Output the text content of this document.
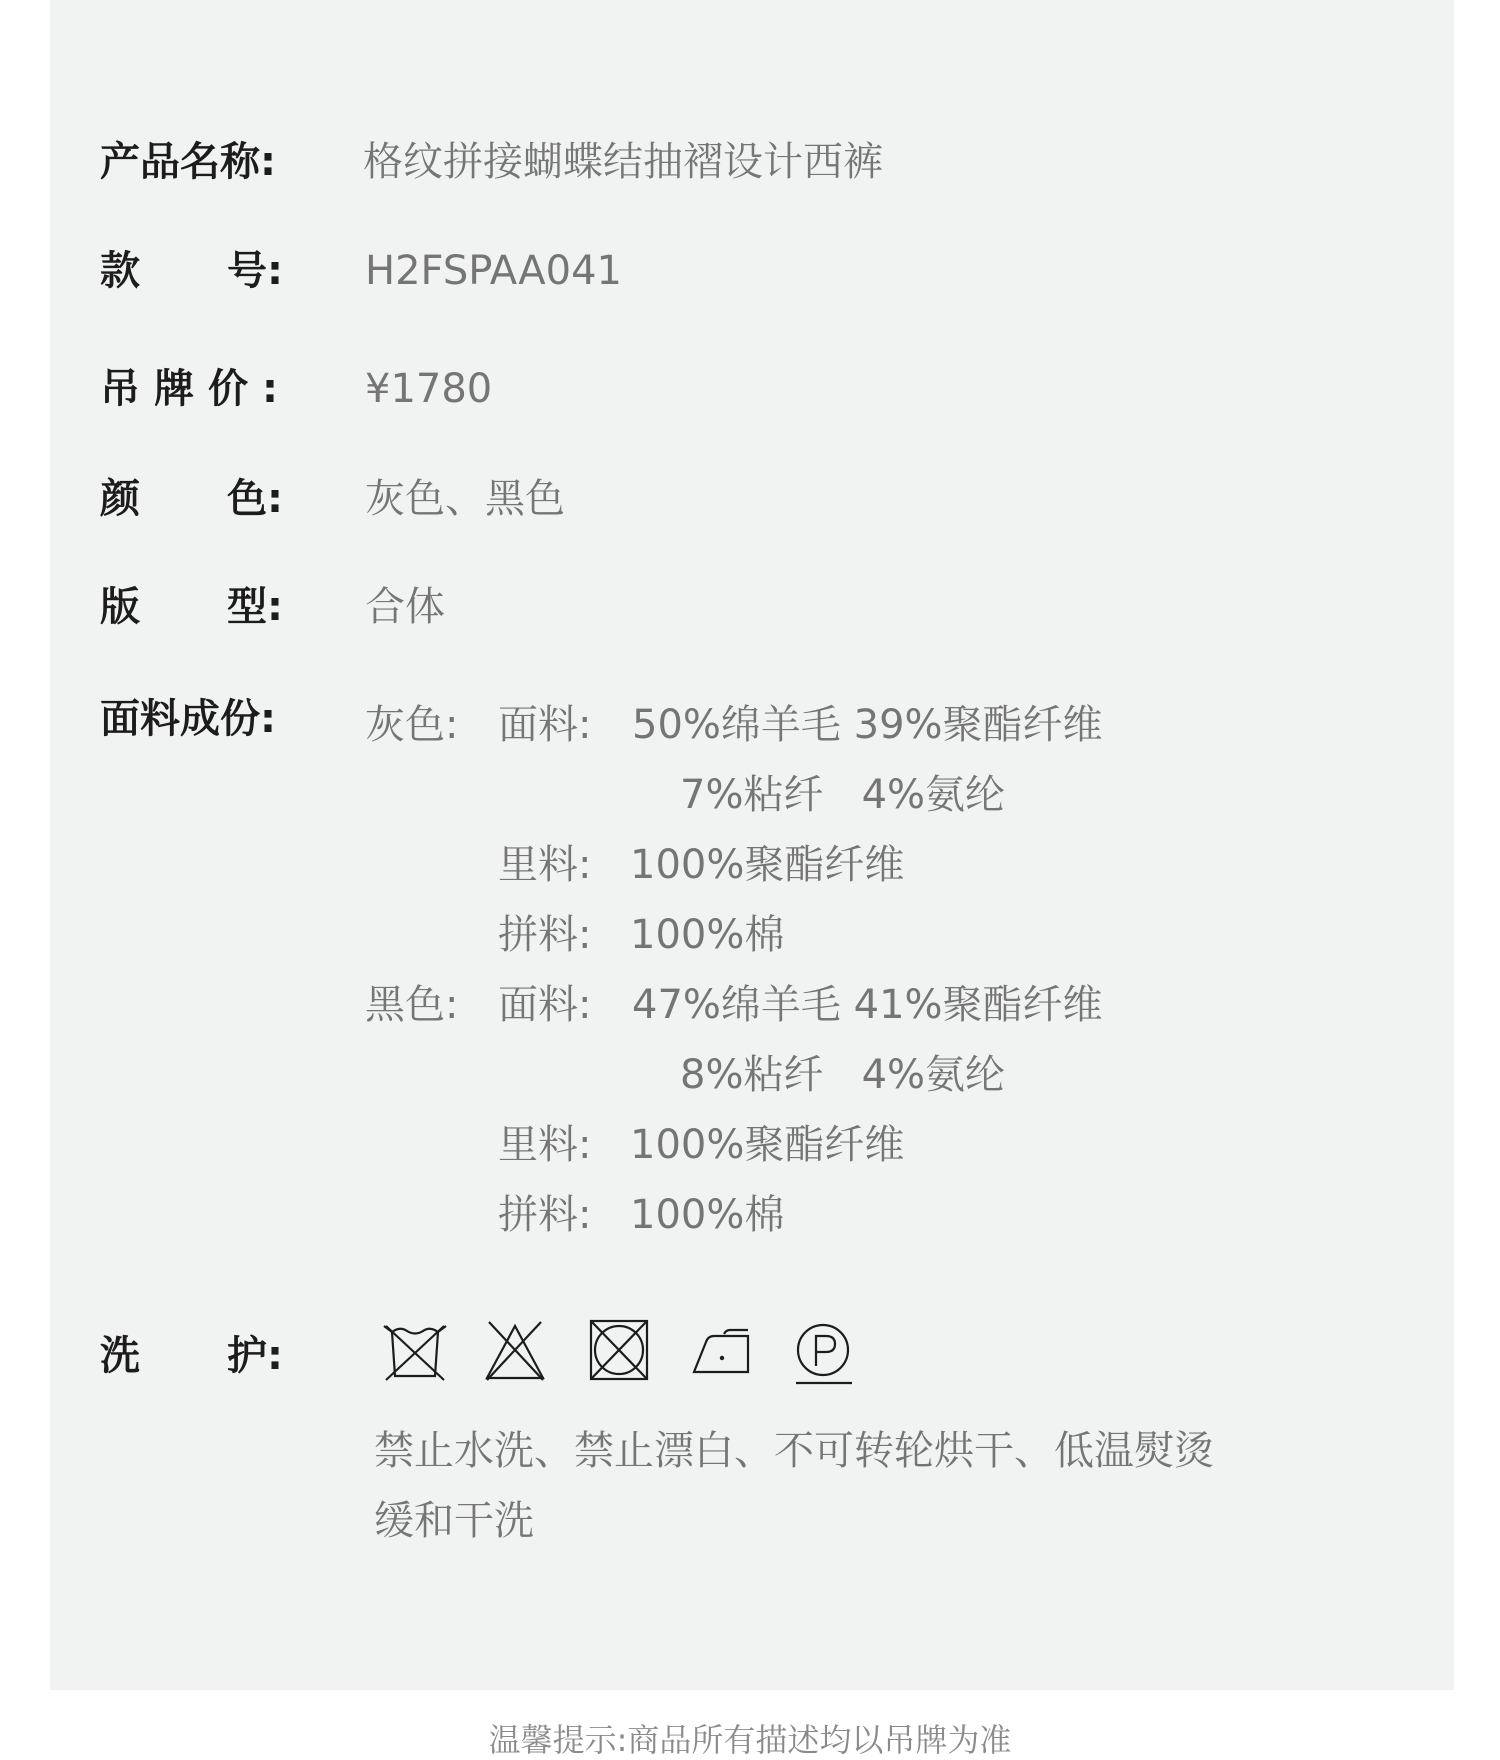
产品名称:	格纹拼接蝴蝶结抽褶设计西裤
款 号: H2FSPAA041
吊牌价: ¥1780
颜 色: 灰色、黑色
版 型: 合体
面料成份:	灰色: 面料: 50%绵羊毛 39%聚酯纤维
7%粘纤   4%氨纶
里料: 100%聚酯纤维
拼料: 100%棉
黑色: 面料: 47%绵羊毛 41%聚酯纤维
8%粘纤   4%氨纶
里料: 100%聚酯纤维
拼料: 100%棉
洗 护:
禁止水洗、禁止漂白、不可转轮烘干、低温熨烫
缓和干洗
温馨提示:商品所有描述均以吊牌为准
